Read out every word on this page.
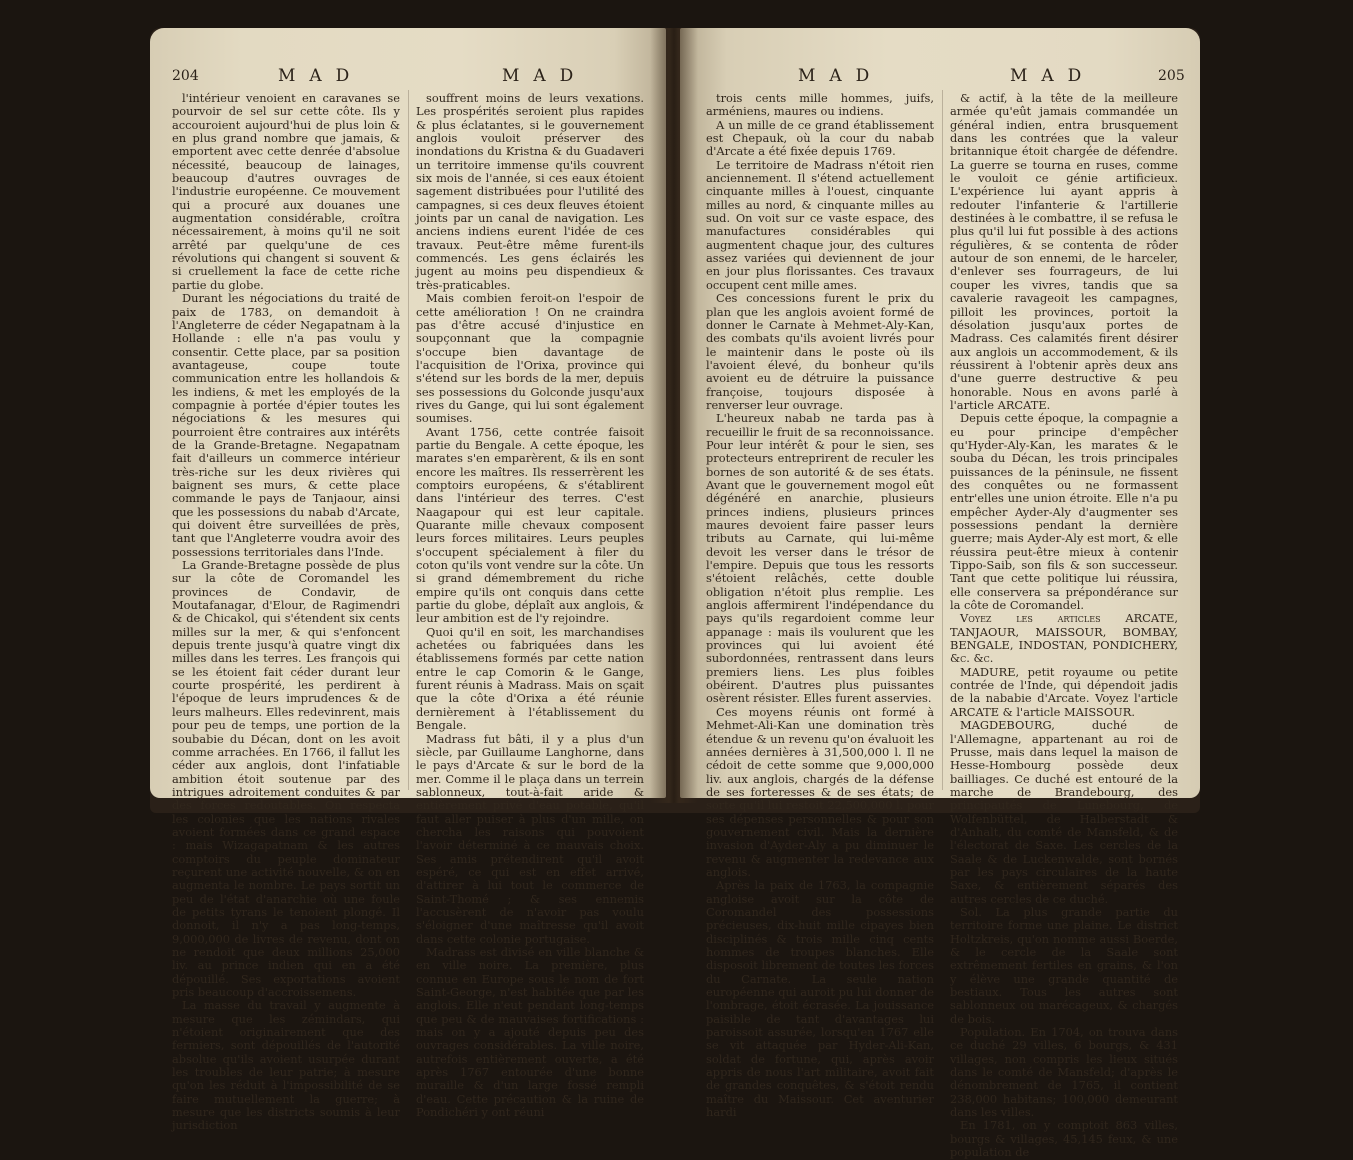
204	MAD	MAD

l'intérieur venoient en caravanes se pourvoir de sel sur cette côte. Ils y accouroient aujourd'hui de plus loin & en plus grand nombre que jamais, & emportent avec cette denrée d'absolue nécessité, beaucoup de lainages, beaucoup d'autres ouvrages de l'industrie européenne. Ce mouvement qui a procuré aux douanes une augmentation considérable, croîtra nécessairement, à moins qu'il ne soit arrêté par quelqu'une de ces révolutions qui changent si souvent & si cruellement la face de cette riche partie du globe.

Durant les négociations du traité de paix de 1783, on demandoit à l'Angleterre de céder Negapatnam à la Hollande : elle n'a pas voulu y consentir. Cette place, par sa position avantageuse, coupe toute communication entre les hollandois & les indiens, & met les employés de la compagnie à portée d'épier toutes les négociations & les mesures qui pourroient être contraires aux intérêts de la Grande-Bretagne. Negapatnam fait d'ailleurs un commerce intérieur très-riche sur les deux rivières qui baignent ses murs, & cette place commande le pays de Tanjaour, ainsi que les possessions du nabab d'Arcate, qui doivent être surveillées de près, tant que l'Angleterre voudra avoir des possessions territoriales dans l'Inde.

La Grande-Bretagne possède de plus sur la côte de Coromandel les provinces de Condavir, de Moutafanagar, d'Elour, de Ragimendri & de Chicakol, qui s'étendent six cents milles sur la mer, & qui s'enfoncent depuis trente jusqu'à quatre vingt dix milles dans les terres. Les françois qui se les étoient fait céder durant leur courte prospérité, les perdirent à l'époque de leurs imprudences & de leurs malheurs. Elles redevinrent, mais pour peu de temps, une portion de la soubabie du Décan, dont on les avoit comme arrachées. En 1766, il fallut les céder aux anglois, dont l'infatiable ambition étoit soutenue par des intrigues adroitement conduites & par des forces redoutables. On respecta les colonies que les nations rivales avoient formées dans ce grand espace : mais Wizagapatnam & les autres comptoirs du peuple dominateur reçurent une activité nouvelle, & on en augmenta le nombre. Le pays sortit un peu de l'état d'anarchie où une foule de petits tyrans le tenoient plongé. Il donnoit, il n'y a pas long-temps, 9,000,000 de livres de revenu, dont on ne rendoit que deux millions 25,000 liv. au prince indien qui en a été dépouillé. Ses exportations avoient pris beaucoup d'accroissemens.

La masse du travail y augmente à mesure que les zémindars, qui n'étoient originairement que des fermiers, sont dépouillés de l'autorité absolue qu'ils avoient usurpée durant les troubles de leur patrie; à mesure qu'on les réduit à l'impossibilité de se faire mutuellement la guerre; à mesure que les districts soumis à leur jurisdiction

souffrent moins de leurs vexations. Les prospérités seroient plus rapides & plus éclatantes, si le gouvernement anglois vouloit préserver des inondations du Kristna & du Guadaveri un territoire immense qu'ils couvrent six mois de l'année, si ces eaux étoient sagement distribuées pour l'utilité des campagnes, si ces deux fleuves étoient joints par un canal de navigation. Les anciens indiens eurent l'idée de ces travaux. Peut-être même furent-ils commencés. Les gens éclairés les jugent au moins peu dispendieux & très-praticables.

Mais combien feroit-on l'espoir de cette amélioration ! On ne craindra pas d'être accusé d'injustice en soupçonnant que la compagnie s'occupe bien davantage de l'acquisition de l'Orixa, province qui s'étend sur les bords de la mer, depuis ses possessions du Golconde jusqu'aux rives du Gange, qui lui sont également soumises.

Avant 1756, cette contrée faisoit partie du Bengale. A cette époque, les marates s'en emparèrent, & ils en sont encore les maîtres. Ils resserrèrent les comptoirs européens, & s'établirent dans l'intérieur des terres. C'est Naagapour qui est leur capitale. Quarante mille chevaux composent leurs forces militaires. Leurs peuples s'occupent spécialement à filer du coton qu'ils vont vendre sur la côte. Un si grand démembrement du riche empire qu'ils ont conquis dans cette partie du globe, déplaît aux anglois, & leur ambition est de l'y rejoindre.

Quoi qu'il en soit, les marchandises achetées ou fabriquées dans les établissemens formés par cette nation entre le cap Comorin & le Gange, furent réunis à Madrass. Mais on sçait que la côte d'Orixa a été réunie dernièrement à l'établissement du Bengale.

Madrass fut bâti, il y a plus d'un siècle, par Guillaume Langhorne, dans le pays d'Arcate & sur le bord de la mer. Comme il le plaça dans un terrein sablonneux, tout-à-fait aride & entièrement privé d'eau potable, qu'il faut aller puiser à plus d'un mille, on chercha les raisons qui pouvoient l'avoir déterminé à ce mauvais choix. Ses amis prétendirent qu'il avoit espéré, ce qui est en effet arrivé, d'attirer à lui tout le commerce de Saint-Thomé ; & ses ennemis l'accusèrent de n'avoir pas voulu s'éloigner d'une maîtresse qu'il avoit dans cette colonie portugaise.

Madrass est divisé en ville blanche & en ville noire. La première, plus connue en Europe sous le nom de fort Saint-George, n'est habitée que par les anglois. Elle n'eut pendant long-temps que peu & de mauvaises fortifications : mais on y a ajouté depuis peu des ouvrages considérables. La ville noire, autrefois entièrement ouverte, a été après 1767 entourée d'une bonne muraille & d'un large fossé rempli d'eau. Cette précaution & la ruine de Pondichéri y ont réuni

MAD	MAD	205

trois cents mille hommes, juifs, arméniens, maures ou indiens.

A un mille de ce grand établissement est Chepauk, où la cour du nabab d'Arcate a été fixée depuis 1769.

Le territoire de Madrass n'étoit rien anciennement. Il s'étend actuellement cinquante milles à l'ouest, cinquante milles au nord, & cinquante milles au sud. On voit sur ce vaste espace, des manufactures considérables qui augmentent chaque jour, des cultures assez variées qui deviennent de jour en jour plus florissantes. Ces travaux occupent cent mille ames.

Ces concessions furent le prix du plan que les anglois avoient formé de donner le Carnate à Mehmet-Aly-Kan, des combats qu'ils avoient livrés pour le maintenir dans le poste où ils l'avoient élevé, du bonheur qu'ils avoient eu de détruire la puissance françoise, toujours disposée à renverser leur ouvrage.

L'heureux nabab ne tarda pas à recueillir le fruit de sa reconnoissance. Pour leur intérêt & pour le sien, ses protecteurs entreprirent de reculer les bornes de son autorité & de ses états. Avant que le gouvernement mogol eût dégénéré en anarchie, plusieurs princes indiens, plusieurs princes maures devoient faire passer leurs tributs au Carnate, qui lui-même devoit les verser dans le trésor de l'empire. Depuis que tous les ressorts s'étoient relâchés, cette double obligation n'étoit plus remplie. Les anglois affermirent l'indépendance du pays qu'ils regardoient comme leur appanage : mais ils voulurent que les provinces qui lui avoient été subordonnées, rentrassent dans leurs premiers liens. Les plus foibles obéirent. D'autres plus puissantes osèrent résister. Elles furent asservies.

Ces moyens réunis ont formé à Mehmet-Ali-Kan une domination très étendue & un revenu qu'on évaluoit les années dernières à 31,500,000 l. Il ne cédoit de cette somme que 9,000,000 liv. aux anglois, chargés de la défense de ses forteresses & de ses états; de sorte qu'il lui restoit 22,500,000 l. pour ses dépenses personnelles & pour son gouvernement civil. Mais la dernière invasion d'Ayder-Aly a pu diminuer le revenu & augmenter la redevance aux anglois.

Après la paix de 1763, la compagnie angloise avoit sur la côte de Coromandel des possessions précieuses, dix-huit mille cipayes bien disciplinés & trois mille cinq cents hommes de troupes blanches. Elle disposoit librement de toutes les forces du Carnate. La seule nation européenne qui auroit pu lui donner de l'ombrage, étoit écrasée. La jouissance paisible de tant d'avantages lui paroissoit assurée, lorsqu'en 1767 elle se vit attaquée par Hyder-Ali-Kan, soldat de fortune, qui, après avoir appris de nous l'art militaire, avoit fait de grandes conquêtes, & s'étoit rendu maître du Maissour. Cet aventurier hardi

& actif, à la tête de la meilleure armée qu'eût jamais commandée un général indien, entra brusquement dans les contrées que la valeur britannique étoit chargée de défendre. La guerre se tourna en ruses, comme le vouloit ce génie artificieux. L'expérience lui ayant appris à redouter l'infanterie & l'artillerie destinées à le combattre, il se refusa le plus qu'il lui fut possible à des actions régulières, & se contenta de rôder autour de son ennemi, de le harceler, d'enlever ses fourrageurs, de lui couper les vivres, tandis que sa cavalerie ravageoit les campagnes, pilloit les provinces, portoit la désolation jusqu'aux portes de Madrass. Ces calamités firent désirer aux anglois un accommodement, & ils réussirent à l'obtenir après deux ans d'une guerre destructive & peu honorable. Nous en avons parlé à l'article ARCATE.

Depuis cette époque, la compagnie a eu pour principe d'empêcher qu'Hyder-Aly-Kan, les marates & le souba du Décan, les trois principales puissances de la péninsule, ne fissent des conquêtes ou ne formassent entr'elles une union étroite. Elle n'a pu empêcher Ayder-Aly d'augmenter ses possessions pendant la dernière guerre; mais Ayder-Aly est mort, & elle réussira peut-être mieux à contenir Tippo-Saib, son fils & son successeur. Tant que cette politique lui réussira, elle conservera sa prépondérance sur la côte de Coromandel.

Voyez les articles ARCATE, TANJAOUR, MAISSOUR, BOMBAY, BENGALE, INDOSTAN, PONDICHERY, &c. &c.

MADURE, petit royaume ou petite contrée de l'Inde, qui dépendoit jadis de la nababie d'Arcate. Voyez l'article ARCATE & l'article MAISSOUR.

MAGDEBOURG, duché de l'Allemagne, appartenant au roi de Prusse, mais dans lequel la maison de Hesse-Hombourg possède deux bailliages. Ce duché est entouré de la marche de Brandebourg, des principautés de Lunebourg, de Wolfenbüttel, de Halberstadt & d'Anhalt, du comté de Mansfeld, & de l'électorat de Saxe. Les cercles de la Saale & de Luckenwalde, sont bornés par les pays circulaires de la haute Saxe, & entièrement séparés des autres cercles de ce duché.

Sol. La plus grande partie du territoire forme une plaine. Le district Holtzkreis, qu'on nomme aussi Boerde, & le cercle de la Saale sont extrêmement fertiles en grains, & l'on y élève une grande quantité de bestiaux. Tous les autres sont sablonneux ou marécageux, & chargés de bois.

Population. En 1704, on trouva dans ce duché 29 villes, 6 bourgs, & 431 villages, non compris les lieux situés dans le comté de Mansfeld; d'après le dénombrement de 1765, il contient 238,000 habitans; 100,000 demeurant dans les villes.

En 1781, on y comptoit 863 villes, bourgs & villages, 45,145 feux, & une population de
